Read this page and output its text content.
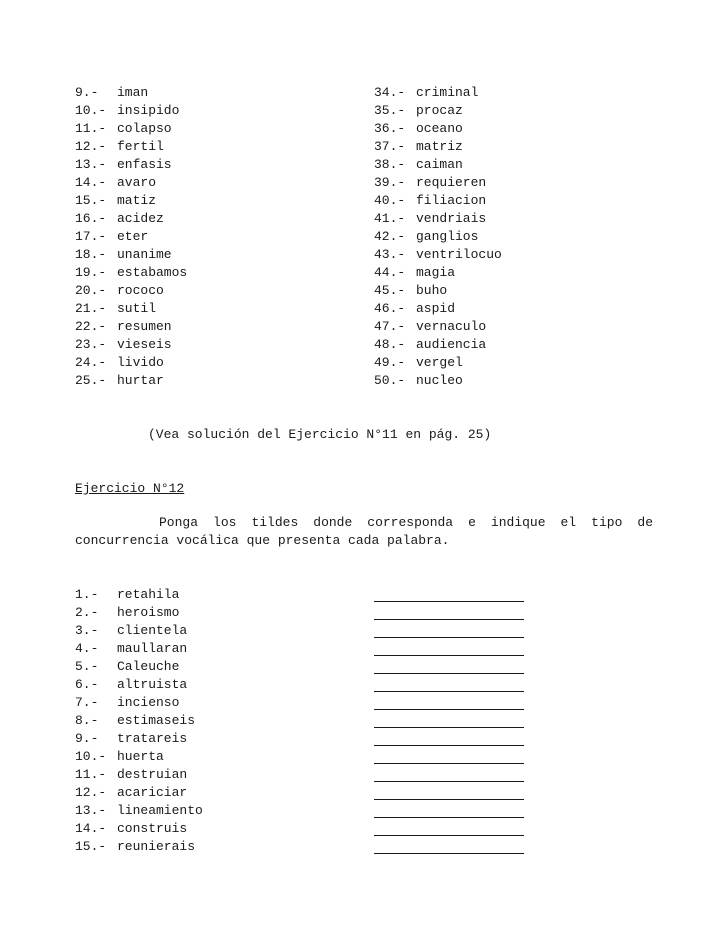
9.- iman
10.- insipido
11.- colapso
12.- fertil
13.- enfasis
14.- avaro
15.- matiz
16.- acidez
17.- eter
18.- unanime
19.- estabamos
20.- rococo
21.- sutil
22.- resumen
23.- vieseis
24.- livido
25.- hurtar
34.- criminal
35.- procaz
36.- oceano
37.- matriz
38.- caiman
39.- requieren
40.- filiacion
41.- vendriais
42.- ganglios
43.- ventrilocuo
44.- magia
45.- buho
46.- aspid
47.- vernaculo
48.- audiencia
49.- vergel
50.- nucleo
(Vea solución del Ejercicio N°11 en pág. 25)
Ejercicio N°12
Ponga los tildes donde corresponda e indique el tipo de
concurrencia vocálica que presenta cada palabra.
1.- retahila
2.- heroismo
3.- clientela
4.- maullaran
5.- Caleuche
6.- altruista
7.- incienso
8.- estimaseis
9.- tratareis
10.- huerta
11.- destruian
12.- acariciar
13.- lineamiento
14.- construis
15.- reunierais
